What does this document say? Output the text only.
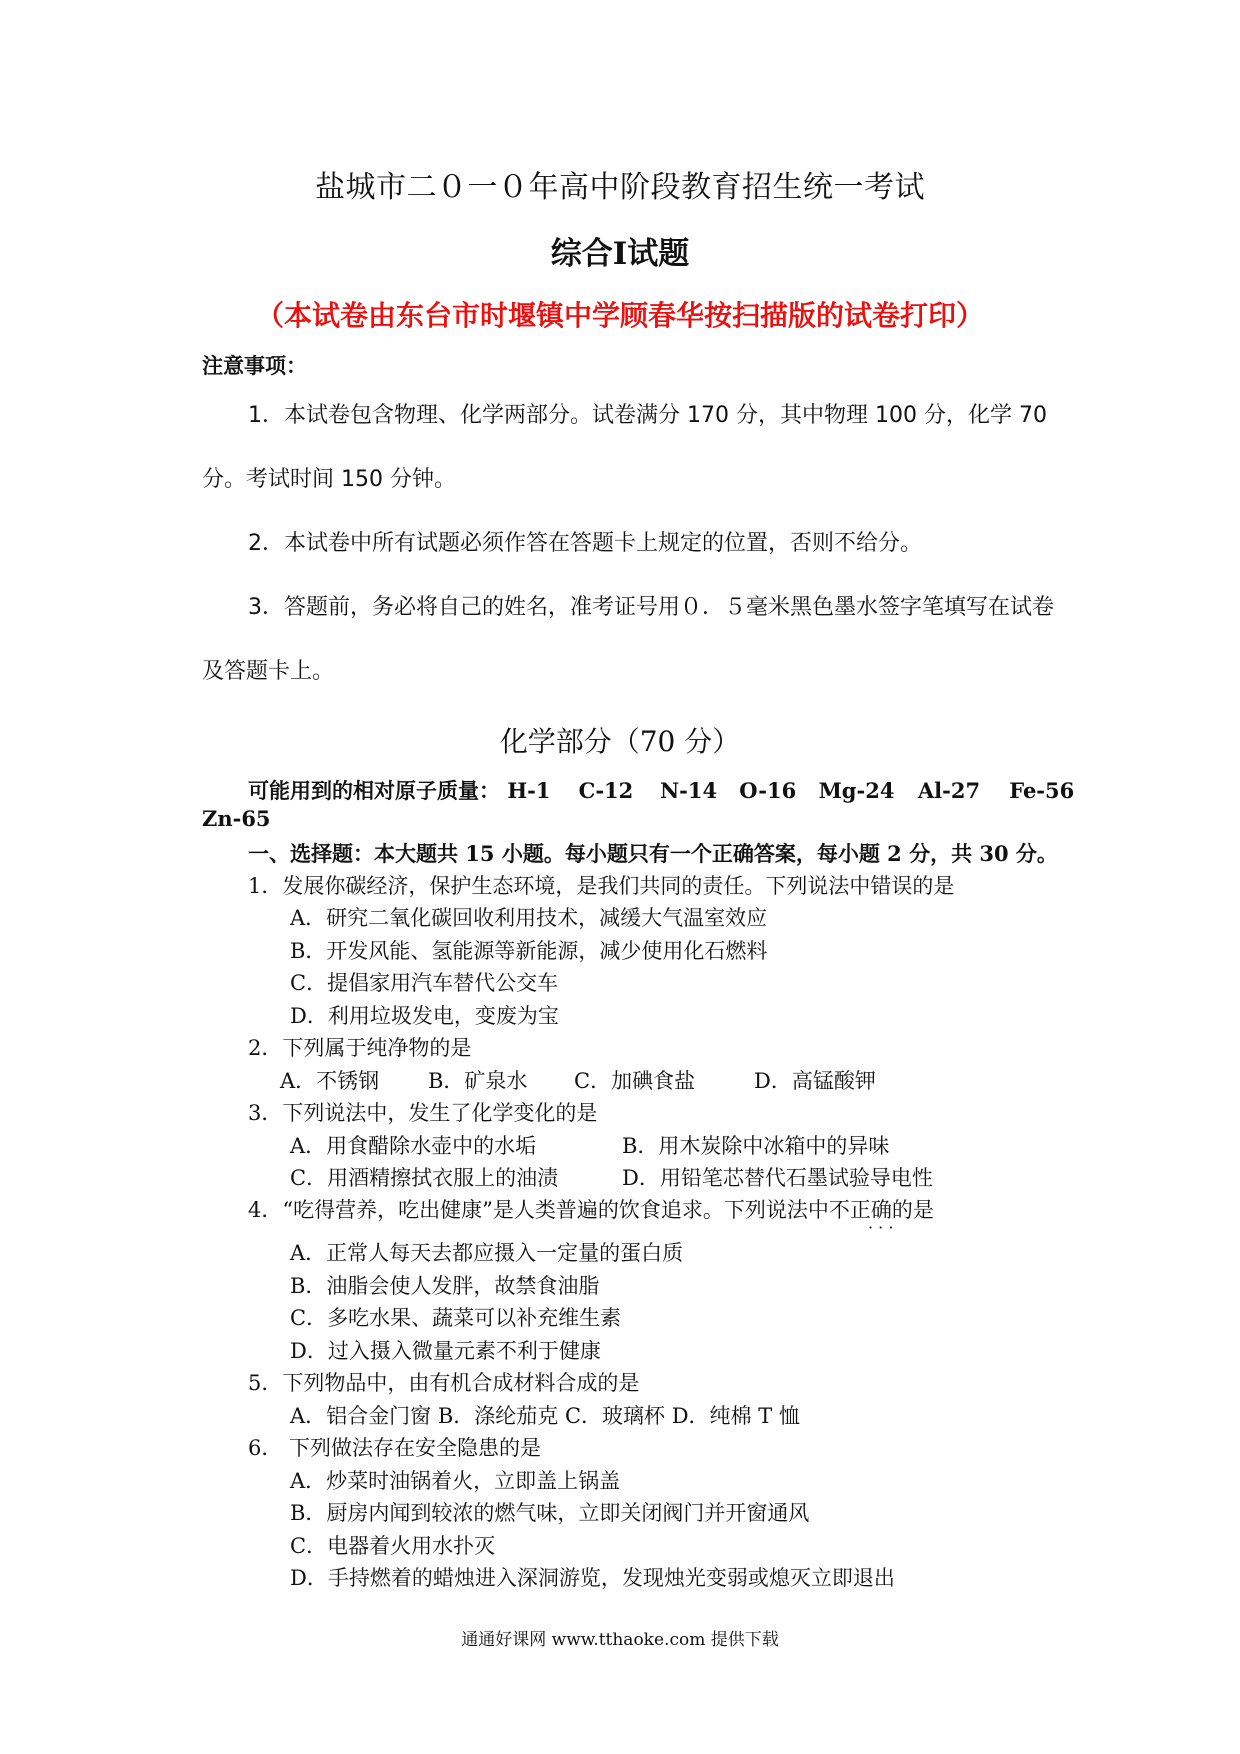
盐城市二０一０年高中阶段教育招生统一考试
综合Ⅰ试题
（本试卷由东台市时堰镇中学顾春华按扫描版的试卷打印）
注意事项：
1．本试卷包含物理、化学两部分。试卷满分 170 分，其中物理 100 分，化学 70
分。考试时间 150 分钟。
2．本试卷中所有试题必须作答在答题卡上规定的位置，否则不给分。
3．答题前，务必将自己的姓名，准考证号用０．５毫米黑色墨水签字笔填写在试卷
及答题卡上。
化学部分（70 分）
可能用到的相对原子质量： H-1 C-12 N-14 O-16 Mg-24 Al-27 Fe-56
Zn-65
一、选择题：本大题共 15 小题。每小题只有一个正确答案，每小题 2 分，共 30 分。
1．发展你碳经济，保护生态环境，是我们共同的责任。下列说法中错误的是
A．研究二氧化碳回收利用技术，减缓大气温室效应
B．开发风能、氢能源等新能源，减少使用化石燃料
C．提倡家用汽车替代公交车
D．利用垃圾发电，变废为宝
2．下列属于纯净物的是
A．不锈钢 B．矿泉水 C．加碘食盐	D．高锰酸钾
3．下列说法中，发生了化学变化的是
A．用食醋除水壶中的水垢	B．用木炭除中冰箱中的异味
C．用酒精擦拭衣服上的油渍	D．用铅笔芯替代石墨试验导电性
4．“吃得营养，吃出健康”是人类普遍的饮食追求。下列说法中不正确的是
· · ·
A．正常人每天去都应摄入一定量的蛋白质
B．油脂会使人发胖，故禁食油脂
C．多吃水果、蔬菜可以补充维生素
D．过入摄入微量元素不利于健康
5．下列物品中，由有机合成材料合成的是
A．铝合金门窗 B．涤纶茄克 C．玻璃杯 D．纯棉 T 恤
6． 下列做法存在安全隐患的是
A．炒菜时油锅着火，立即盖上锅盖
B．厨房内闻到较浓的燃气味，立即关闭阀门并开窗通风
C．电器着火用水扑灭
D．手持燃着的蜡烛进入深洞游览，发现烛光变弱或熄灭立即退出
通通好课网 www.tthaoke.com 提供下载
